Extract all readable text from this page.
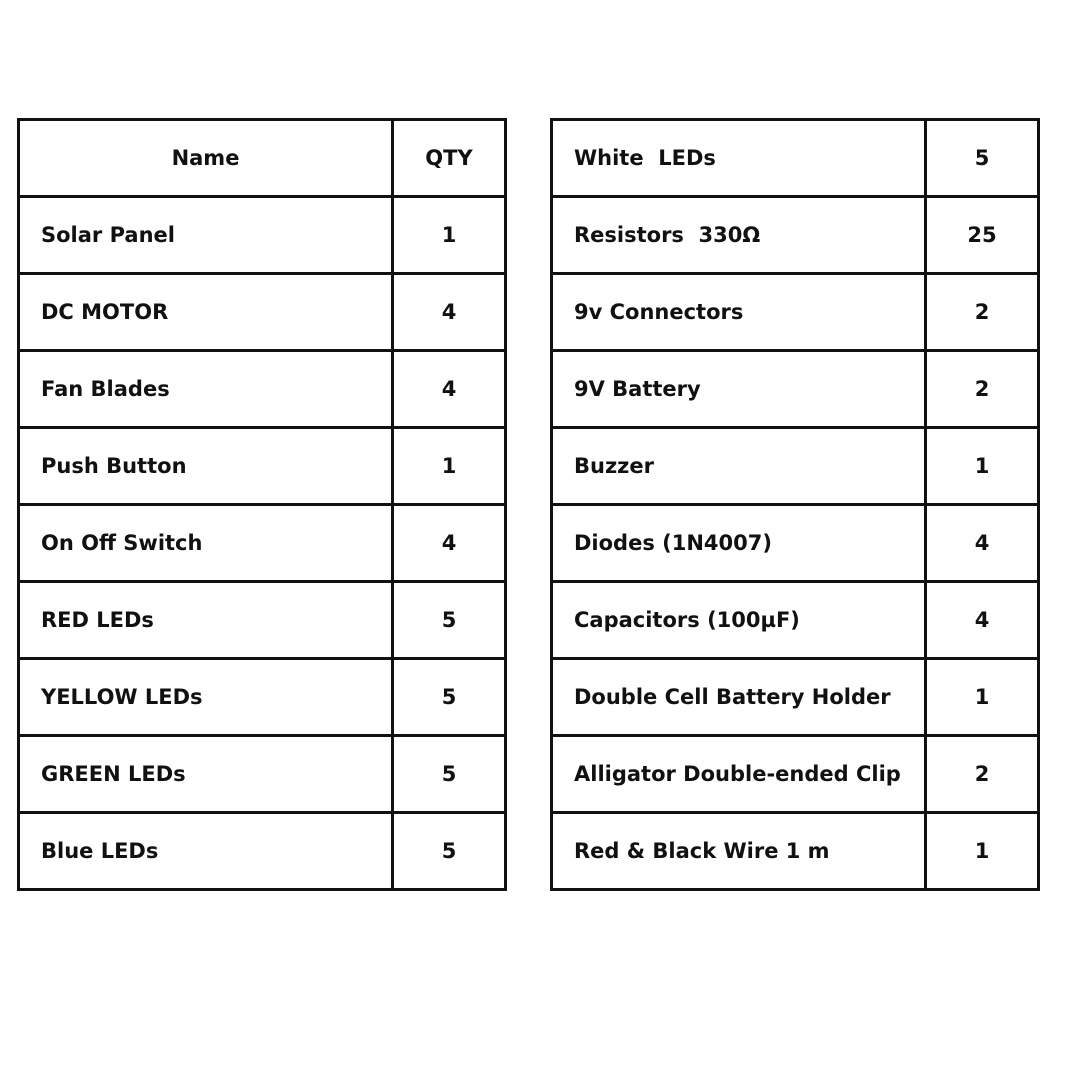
Name	QTY
Solar Panel	1
DC MOTOR	4
Fan Blades	4
Push Button	1
On Off Switch	4
RED LEDs	5
YELLOW LEDs	5
GREEN LEDs	5
Blue LEDs	5
White  LEDs	5
Resistors  330Ω	25
9v Connectors	2
9V Battery	2
Buzzer	1
Diodes (1N4007)	4
Capacitors (100µF)	4
Double Cell Battery Holder	1
Alligator Double-ended Clip	2
Red & Black Wire 1 m	1
